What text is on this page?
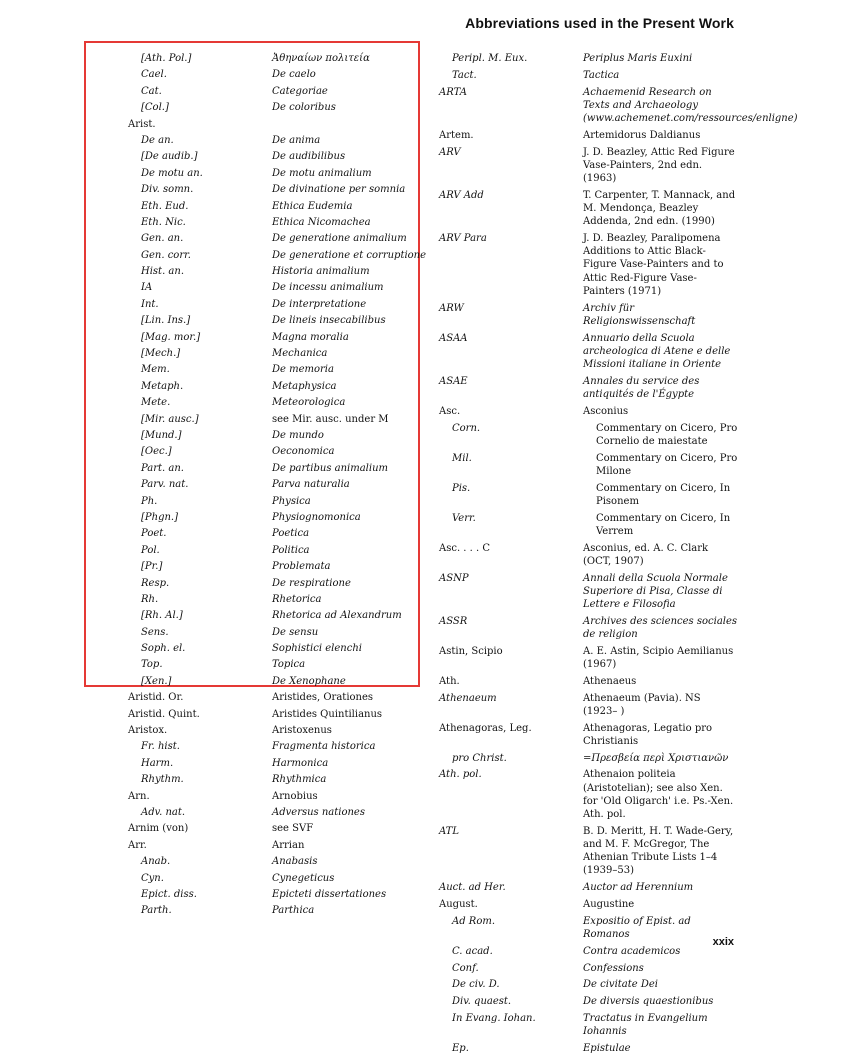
Abbreviations used in the Present Work
[Ath. Pol.]	Ἀθηναίων πολιτεία
Cael.	De caelo
Cat.	Categoriae
[Col.]	De coloribus
Arist.
De an.	De anima
[De audib.]	De audibilibus
De motu an.	De motu animalium
Div. somn.	De divinatione per somnia
Eth. Eud.	Ethica Eudemia
Eth. Nic.	Ethica Nicomachea
Gen. an.	De generatione animalium
Gen. corr.	De generatione et corruptione
Hist. an.	Historia animalium
IA	De incessu animalium
Int.	De interpretatione
[Lin. Ins.]	De lineis insecabilibus
[Mag. mor.]	Magna moralia
[Mech.]	Mechanica
Mem.	De memoria
Metaph.	Metaphysica
Mete.	Meteorologica
[Mir. ausc.]	see Mir. ausc. under M
[Mund.]	De mundo
[Oec.]	Oeconomica
Part. an.	De partibus animalium
Parv. nat.	Parva naturalia
Ph.	Physica
[Phgn.]	Physiognomonica
Poet.	Poetica
Pol.	Politica
[Pr.]	Problemata
Resp.	De respiratione
Rh.	Rhetorica
[Rh. Al.]	Rhetorica ad Alexandrum
Sens.	De sensu
Soph. el.	Sophistici elenchi
Top.	Topica
[Xen.]	De Xenophane
Aristid. Or.	Aristides, Orationes
Aristid. Quint.	Aristides Quintilianus
Aristox.	Aristoxenus
Fr. hist.	Fragmenta historica
Harm.	Harmonica
Rhythm.	Rhythmica
Arn.	Arnobius
Adv. nat.	Adversus nationes
Arnim (von)	see SVF
Arr.	Arrian
Anab.	Anabasis
Cyn.	Cynegeticus
Epict. diss.	Epicteti dissertationes
Parth.	Parthica
Peripl. M. Eux.	Periplus Maris Euxini
Tact.	Tactica
ARTA	Achaemenid Research on Texts and Archaeology (www.achemenet.com/ressources/enligne)
Artem.	Artemidorus Daldianus
ARV	J. D. Beazley, Attic Red Figure Vase-Painters, 2nd edn. (1963)
ARV Add	T. Carpenter, T. Mannack, and M. Mendonça, Beazley Addenda, 2nd edn. (1990)
ARV Para	J. D. Beazley, Paralipomena Additions to Attic Black-Figure Vase-Painters and to Attic Red-Figure Vase-Painters (1971)
ARW	Archiv für Religionswissenschaft
ASAA	Annuario della Scuola archeologica di Atene e delle Missioni italiane in Oriente
ASAE	Annales du service des antiquités de l'Égypte
Asc.	Asconius
Corn.	Commentary on Cicero, Pro Cornelio de maiestate
Mil.	Commentary on Cicero, Pro Milone
Pis.	Commentary on Cicero, In Pisonem
Verr.	Commentary on Cicero, In Verrem
Asc. . . . C	Asconius, ed. A. C. Clark (OCT, 1907)
ASNP	Annali della Scuola Normale Superiore di Pisa, Classe di Lettere e Filosofia
ASSR	Archives des sciences sociales de religion
Astin, Scipio	A. E. Astin, Scipio Aemilianus (1967)
Ath.	Athenaeus
Athenaeum	Athenaeum (Pavia). NS (1923– )
Athenagoras, Leg.	Athenagoras, Legatio pro Christianis
pro Christ.	=Πρεσβεία περὶ Χριστιανῶν
Ath. pol.	Athenaion politeia (Aristotelian); see also Xen. for 'Old Oligarch' i.e. Ps.-Xen. Ath. pol.
ATL	B. D. Meritt, H. T. Wade-Gery, and M. F. McGregor, The Athenian Tribute Lists 1–4 (1939–53)
Auct. ad Her.	Auctor ad Herennium
August.	Augustine
Ad Rom.	Expositio of Epist. ad Romanos
C. acad.	Contra academicos
Conf.	Confessions
De civ. D.	De civitate Dei
Div. quaest.	De diversis quaestionibus
In Evang. Iohan.	Tractatus in Evangelium Iohannis
Ep.	Epistulae
xxix
